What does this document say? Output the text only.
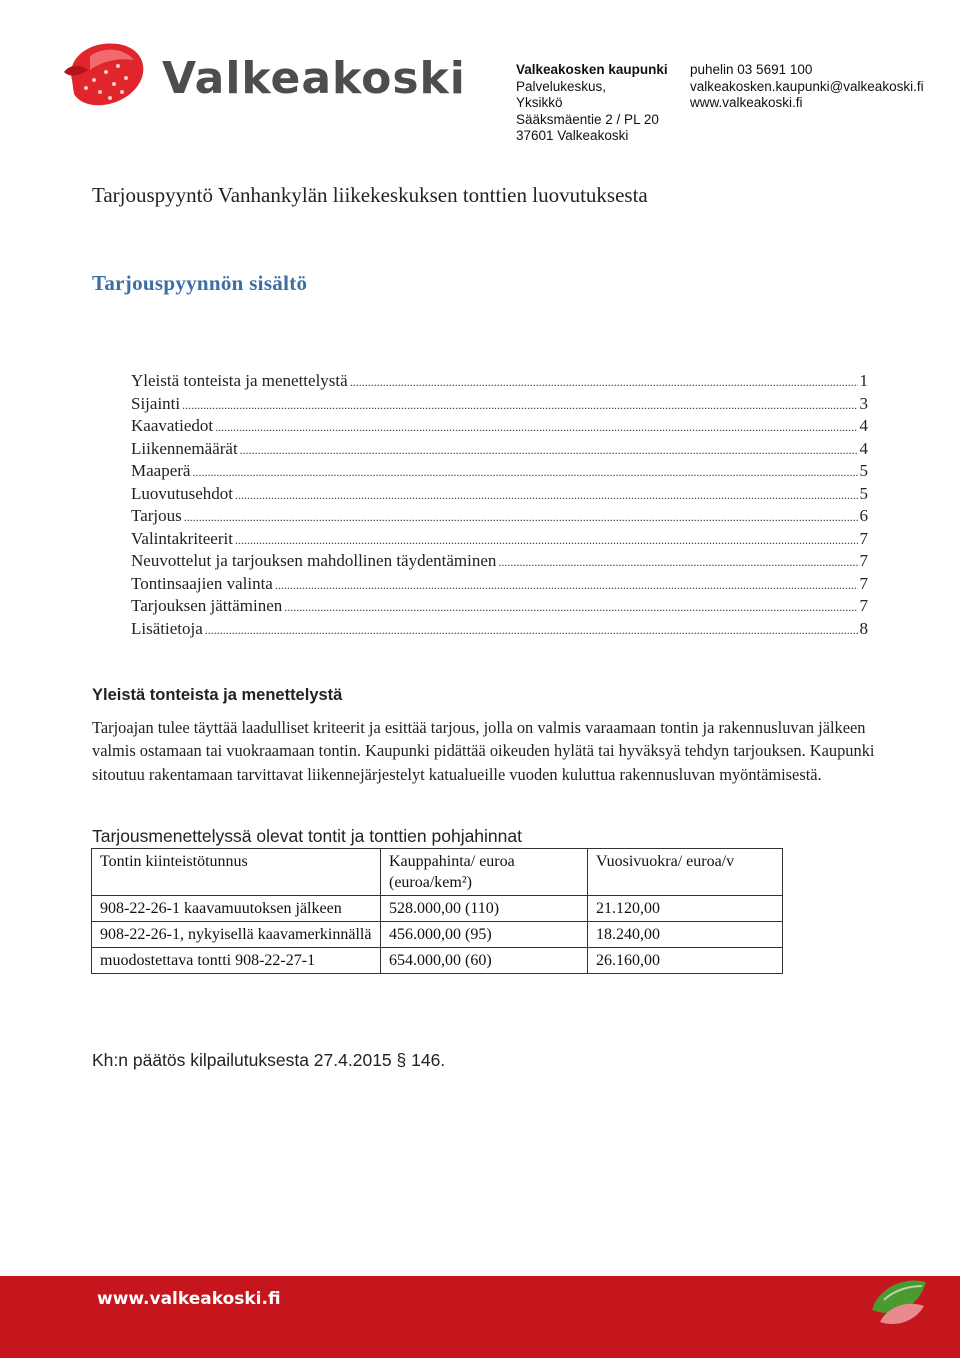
Valkeakoski	Valkeakosken kaupunki
Palvelukeskus,
Yksikkö
Sääksmäentie 2 / PL 20
37601 Valkeakoski
puhelin 03 5691 100
valkeakosken.kaupunki@valkeakoski.fi
www.valkeakoski.fi
Tarjouspyyntö Vanhankylän liikekeskuksen tonttien luovutuksesta
Tarjouspyynnön sisältö
Yleistä tonteista ja menettelystä .....	1
Sijainti .....	3
Kaavatiedot .....	4
Liikennemäärät .....	4
Maaperä .....	5
Luovutusehdot .....	5
Tarjous .....	6
Valintakriteerit .....	7
Neuvottelut ja tarjouksen mahdollinen täydentäminen .....	7
Tontinsaajien valinta .....	7
Tarjouksen jättäminen .....	7
Lisätietoja .....	8
Yleistä tonteista ja menettelystä
Tarjoajan tulee täyttää laadulliset kriteerit ja esittää tarjous, jolla on valmis varaamaan tontin ja rakennusluvan jälkeen valmis ostamaan tai vuokraamaan tontin. Kaupunki pidättää oikeuden hylätä tai hyväksyä tehdyn tarjouksen. Kaupunki sitoutuu rakentamaan tarvittavat liikennejärjestelyt katualueille vuoden kuluttua rakennusluvan myöntämisestä.
Tarjousmenettelyssä olevat tontit ja tonttien pohjahinnat
Tontin kiinteistötunnus	Kauppahinta/ euroa (euroa/kem²)	Vuosivuokra/ euroa/v
908-22-26-1 kaavamuutoksen jälkeen	528.000,00 (110)	21.120,00
908-22-26-1, nykyisellä kaavamerkinnällä	456.000,00 (95)	18.240,00
muodostettava tontti 908-22-27-1	654.000,00 (60)	26.160,00
Kh:n päätös kilpailutuksesta 27.4.2015 § 146.
www.valkeakoski.fi
